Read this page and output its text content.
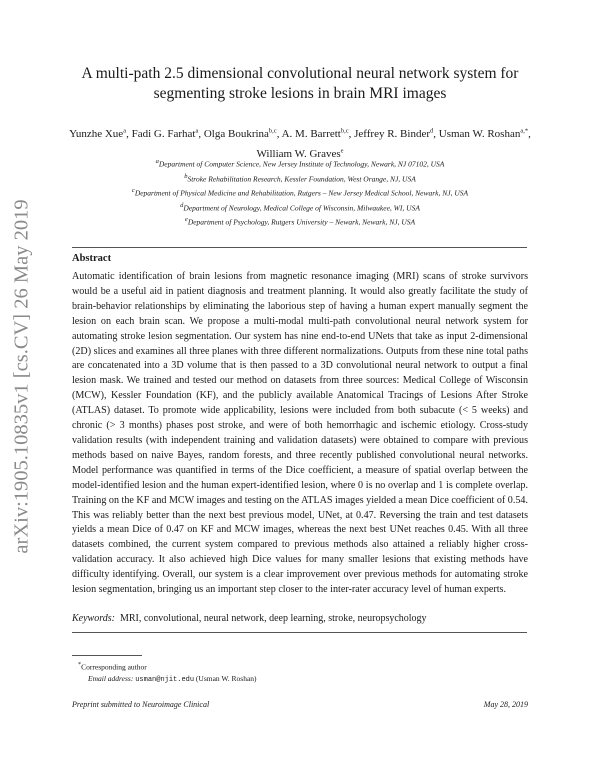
arXiv:1905.10835v1 [cs.CV] 26 May 2019
A multi-path 2.5 dimensional convolutional neural network system for
segmenting stroke lesions in brain MRI images
Yunzhe Xue$^a$, Fadi G. Farhat$^a$, Olga Boukrina$^{b,c}$, A. M. Barrett$^{b,c}$, Jeffrey R. Binder$^d$, Usman W. Roshan$^{a,*}$, William W. Graves$^e$
$^a$Department of Computer Science, New Jersey Institute of Technology, Newark, NJ 07102, USA
$^b$Stroke Rehabilitation Research, Kessler Foundation, West Orange, NJ, USA
$^c$Department of Physical Medicine and Rehabilitation, Rutgers – New Jersey Medical School, Newark, NJ, USA
$^d$Department of Neurology, Medical College of Wisconsin, Milwaukee, WI, USA
$^e$Department of Psychology, Rutgers University – Newark, Newark, NJ, USA
Abstract

Automatic identification of brain lesions from magnetic resonance imaging (MRI) scans of stroke survivors would be a useful aid in patient diagnosis and treatment planning. It would also greatly facilitate the study of brain-behavior relationships by eliminating the laborious step of having a human expert manually segment the lesion on each brain scan. We propose a multi-modal multi-path convolutional neural network system for automating stroke lesion segmentation. Our system has nine end-to-end UNets that take as input 2-dimensional (2D) slices and examines all three planes with three different normalizations. Outputs from these nine total paths are concatenated into a 3D volume that is then passed to a 3D convolutional neural network to output a final lesion mask. We trained and tested our method on datasets from three sources: Medical College of Wisconsin (MCW), Kessler Foundation (KF), and the publicly available Anatomical Tracings of Lesions After Stroke (ATLAS) dataset. To promote wide applicability, lesions were included from both subacute (< 5 weeks) and chronic (> 3 months) phases post stroke, and were of both hemorrhagic and ischemic etiology. Cross-study validation results (with independent training and validation datasets) were obtained to compare with previous methods based on naive Bayes, random forests, and three recently published convolutional neural networks. Model performance was quantified in terms of the Dice coefficient, a measure of spatial overlap between the model-identified lesion and the human expert-identified lesion, where 0 is no overlap and 1 is complete overlap. Training on the KF and MCW images and testing on the ATLAS images yielded a mean Dice coefficient of 0.54. This was reliably better than the next best previous model, UNet, at 0.47. Reversing the train and test datasets yields a mean Dice of 0.47 on KF and MCW images, whereas the next best UNet reaches 0.45. With all three datasets combined, the current system compared to previous methods also attained a reliably higher cross-validation accuracy. It also achieved high Dice values for many smaller lesions that existing methods have difficulty identifying. Overall, our system is a clear improvement over previous methods for automating stroke lesion segmentation, bringing us an important step closer to the inter-rater accuracy level of human experts.

Keywords: MRI, convolutional, neural network, deep learning, stroke, neuropsychology
*Corresponding author
Email address: usman@njit.edu (Usman W. Roshan)
Preprint submitted to Neuroimage Clinical	May 28, 2019
